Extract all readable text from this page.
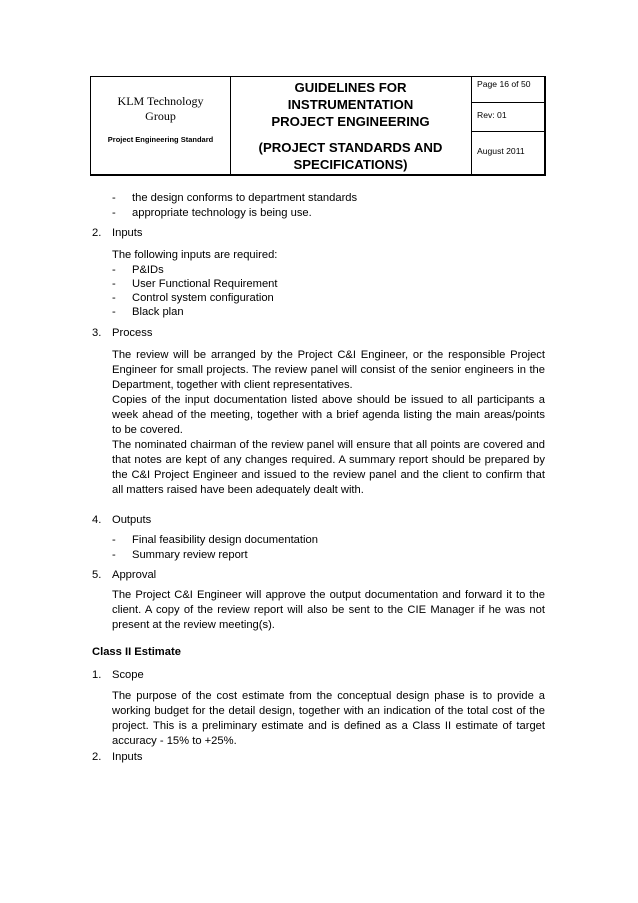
KLM Technology
Group
Project Engineering Standard
GUIDELINES FOR
INSTRUMENTATION
PROJECT ENGINEERING
(PROJECT STANDARDS AND
SPECIFICATIONS)
Page 16 of 50
Rev: 01
August 2011
-	the design conforms to department standards
-	appropriate technology is being use.
2. Inputs
The following inputs are required:
-	P&IDs
-	User Functional Requirement
-	Control system configuration
-	Black plan
3. Process
The review will be arranged by the Project C&I Engineer, or the responsible Project Engineer for small projects. The review panel will consist of the senior engineers in the Department, together with client representatives.
Copies of the input documentation listed above should be issued to all participants a week ahead of the meeting, together with a brief agenda listing the main areas/points to be covered.
The nominated chairman of the review panel will ensure that all points are covered and that notes are kept of any changes required. A summary report should be prepared by the C&I Project Engineer and issued to the review panel and the client to confirm that all matters raised have been adequately dealt with.
4. Outputs
-	Final feasibility design documentation
-	Summary review report
5. Approval
The Project C&I Engineer will approve the output documentation and forward it to the client. A copy of the review report will also be sent to the CIE Manager if he was not present at the review meeting(s).
Class II Estimate
1. Scope
The purpose of the cost estimate from the conceptual design phase is to provide a working budget for the detail design, together with an indication of the total cost of the project. This is a preliminary estimate and is defined as a Class II estimate of target accuracy - 15% to +25%.
2. Inputs
